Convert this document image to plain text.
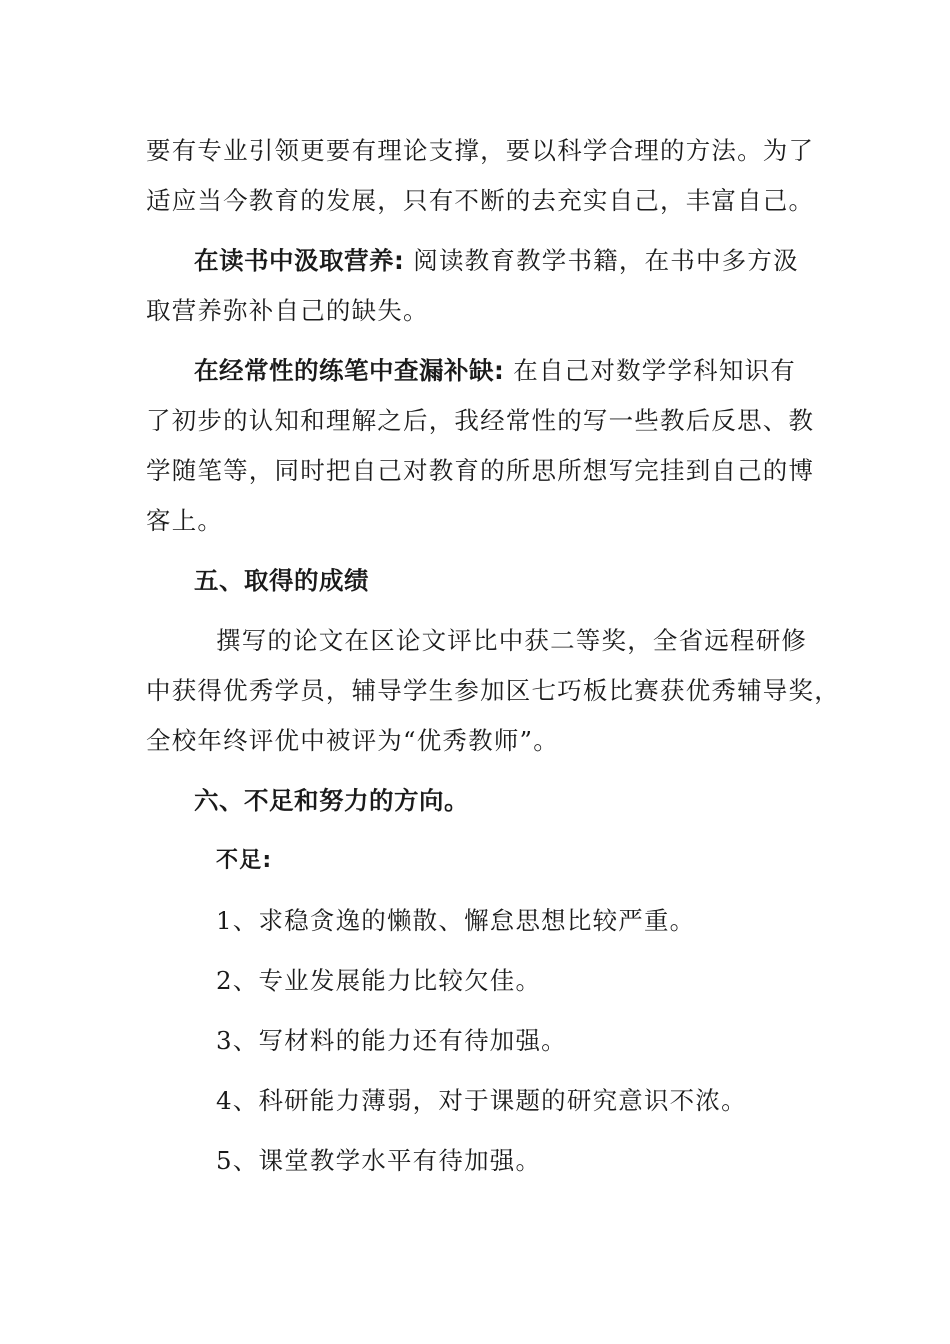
要有专业引领更要有理论支撑，要以科学合理的方法。为了
适应当今教育的发展，只有不断的去充实自己，丰富自己。
在读书中汲取营养: 阅读教育教学书籍，在书中多方汲
取营养弥补自己的缺失。
在经常性的练笔中查漏补缺: 在自己对数学学科知识有
了初步的认知和理解之后，我经常性的写一些教后反思、教
学随笔等，同时把自己对教育的所思所想写完挂到自己的博
客上。
五、取得的成绩
撰写的论文在区论文评比中获二等奖，全省远程研修
中获得优秀学员，辅导学生参加区七巧板比赛获优秀辅导奖，
全校年终评优中被评为“优秀教师”。
六、不足和努力的方向。
不足:
1、求稳贪逸的懒散、懈怠思想比较严重。
2、专业发展能力比较欠佳。
3、写材料的能力还有待加强。
4、科研能力薄弱，对于课题的研究意识不浓。
5、课堂教学水平有待加强。
